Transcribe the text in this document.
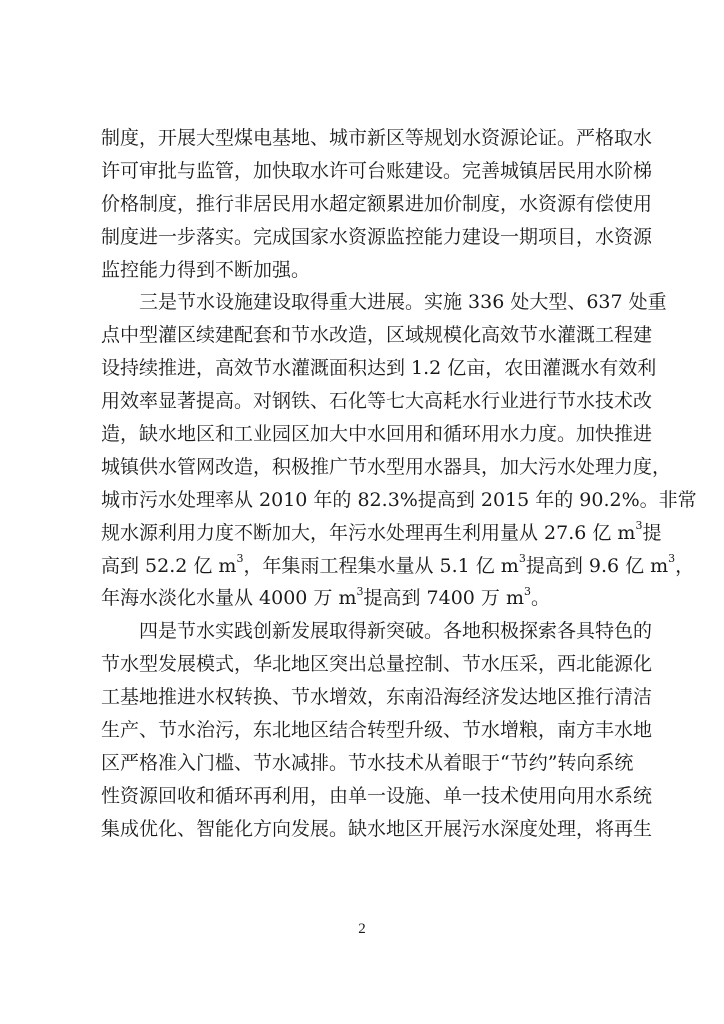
制度，开展大型煤电基地、城市新区等规划水资源论证。严格取水
许可审批与监管，加快取水许可台账建设。完善城镇居民用水阶梯
价格制度，推行非居民用水超定额累进加价制度，水资源有偿使用
制度进一步落实。完成国家水资源监控能力建设一期项目，水资源
监控能力得到不断加强。
三是节水设施建设取得重大进展。实施 336 处大型、637 处重
点中型灌区续建配套和节水改造，区域规模化高效节水灌溉工程建
设持续推进，高效节水灌溉面积达到 1.2 亿亩，农田灌溉水有效利
用效率显著提高。对钢铁、石化等七大高耗水行业进行节水技术改
造，缺水地区和工业园区加大中水回用和循环用水力度。加快推进
城镇供水管网改造，积极推广节水型用水器具，加大污水处理力度，
城市污水处理率从 2010 年的 82.3%提高到 2015 年的 90.2%。非常
规水源利用力度不断加大，年污水处理再生利用量从 27.6 亿 $m^3$提
高到 52.2 亿 $m^3$，年集雨工程集水量从 5.1 亿 $m^3$提高到 9.6 亿 $m^3$，
年海水淡化水量从 4000 万 $m^3$提高到 7400 万 $m^3$。
四是节水实践创新发展取得新突破。各地积极探索各具特色的
节水型发展模式，华北地区突出总量控制、节水压采，西北能源化
工基地推进水权转换、节水增效，东南沿海经济发达地区推行清洁
生产、节水治污，东北地区结合转型升级、节水增粮，南方丰水地
区严格准入门槛、节水减排。节水技术从着眼于“节约”转向系统
性资源回收和循环再利用，由单一设施、单一技术使用向用水系统
集成优化、智能化方向发展。缺水地区开展污水深度处理，将再生
2
